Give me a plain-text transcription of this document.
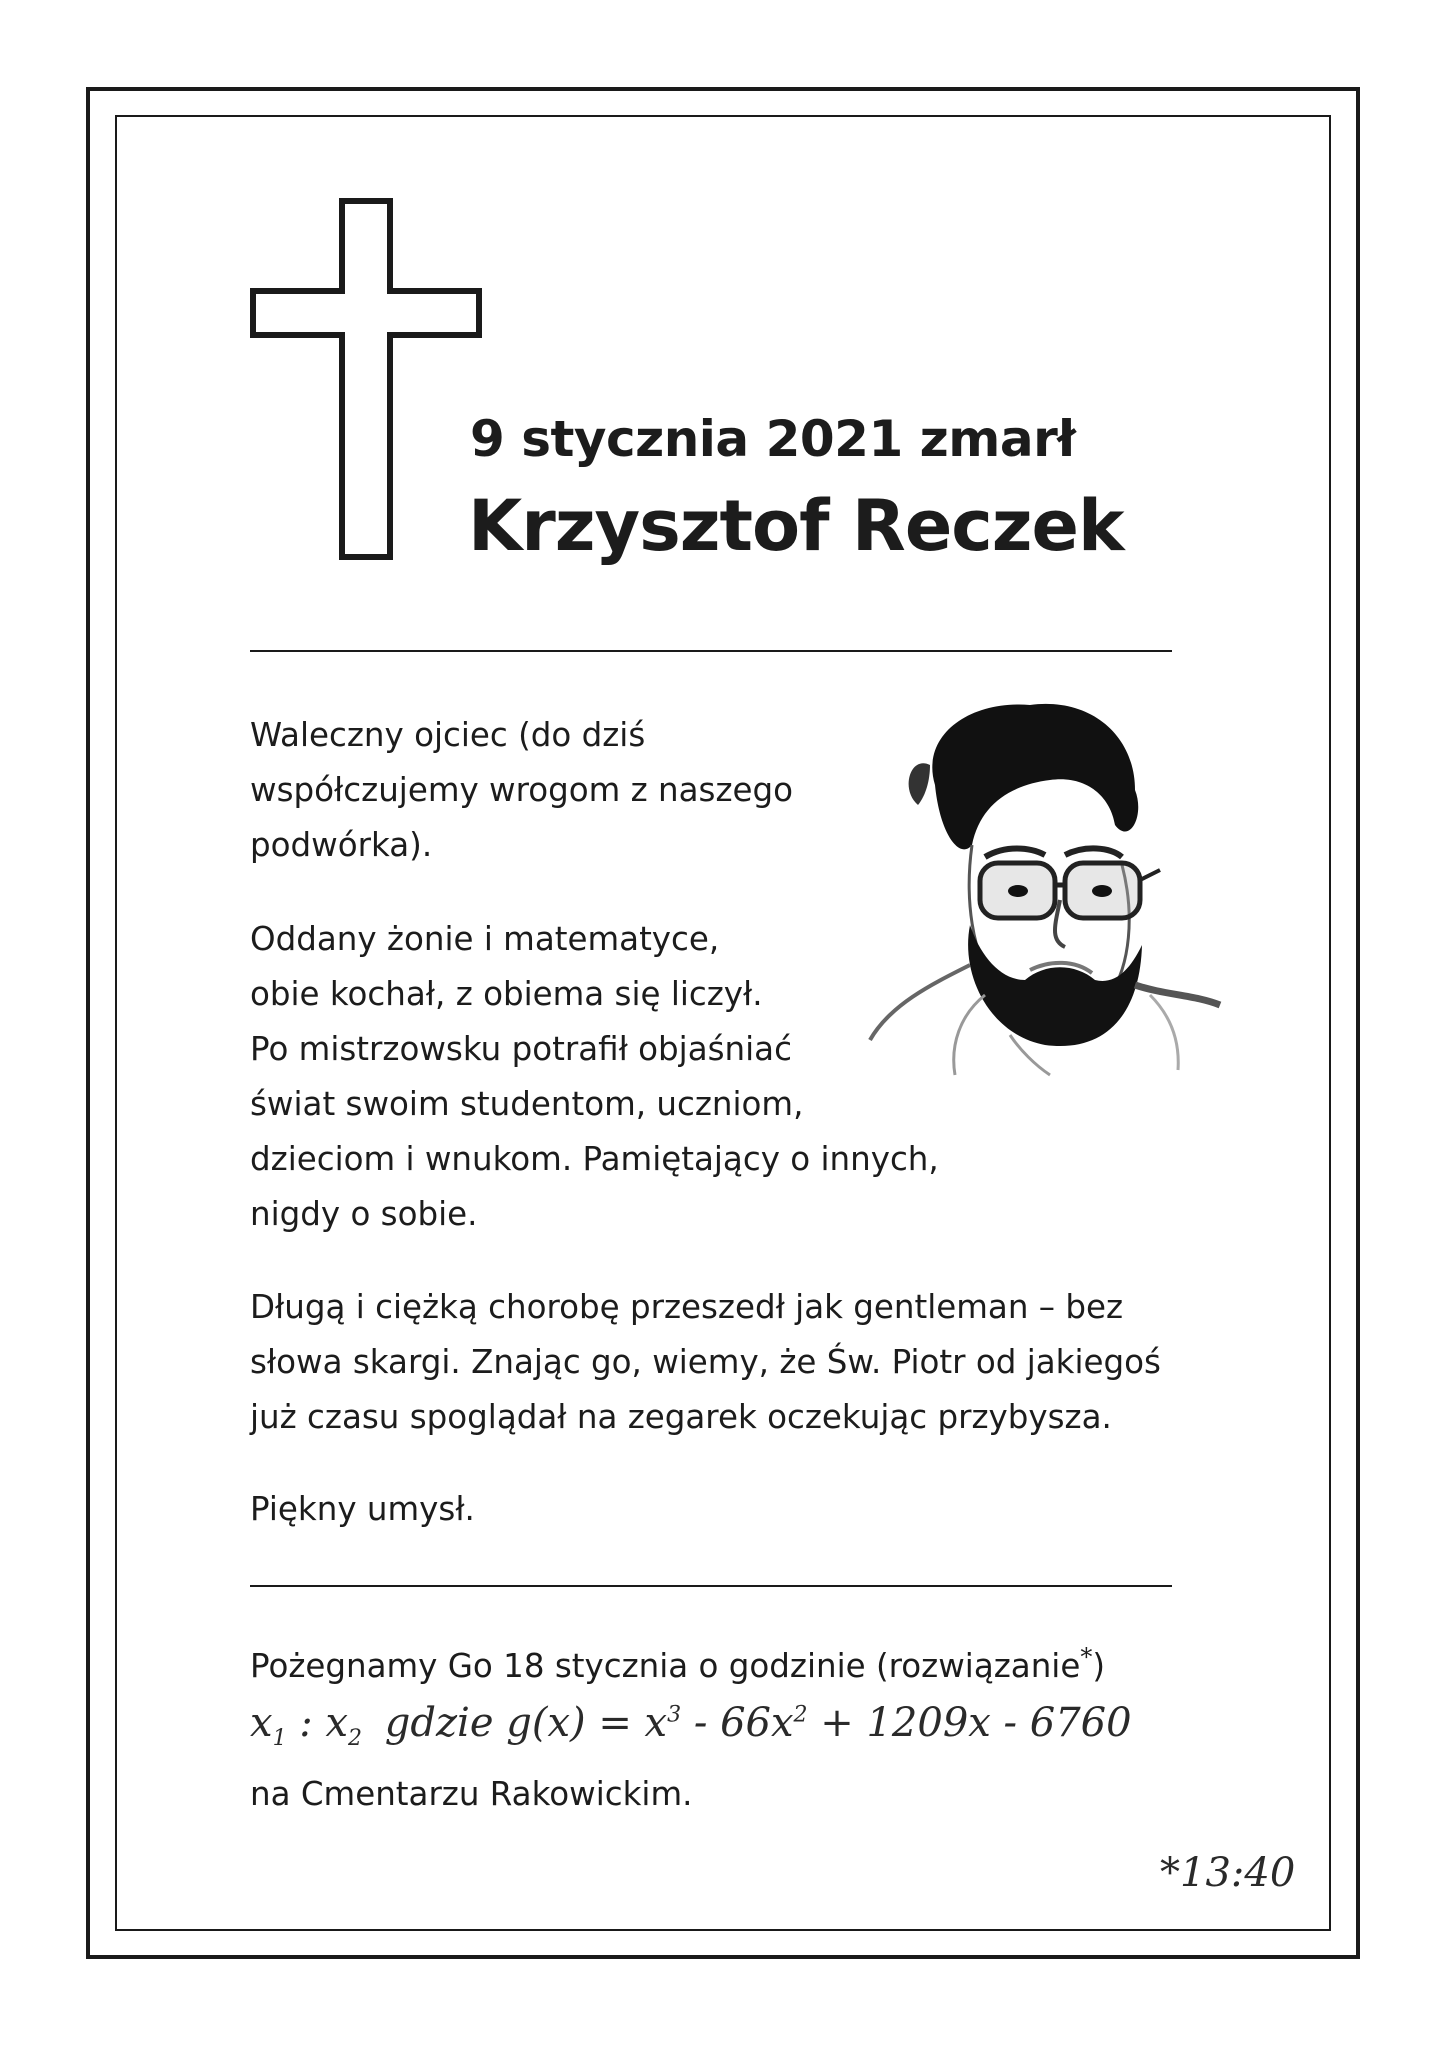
9 stycznia 2021 zmarł
Krzysztof Reczek
Waleczny ojciec (do dziś
współczujemy wrogom z naszego
podwórka).
Oddany żonie i matematyce,
obie kochał, z obiema się liczył.
Po mistrzowsku potrafił objaśniać
świat swoim studentom, uczniom,
dzieciom i wnukom. Pamiętający o innych,
nigdy o sobie.
Długą i ciężką chorobę przeszedł jak gentleman – bez
słowa skargi. Znając go, wiemy, że Św. Piotr od jakiegoś
już czasu spoglądał na zegarek oczekując przybysza.
Piękny umysł.
Pożegnamy Go 18 stycznia o godzinie (rozwiązanie*)
$x_1$ : $x_2$ gdzie $g(x) = x^3 - 66x^2 + 1209x - 6760$
na Cmentarzu Rakowickim.
*13:40
